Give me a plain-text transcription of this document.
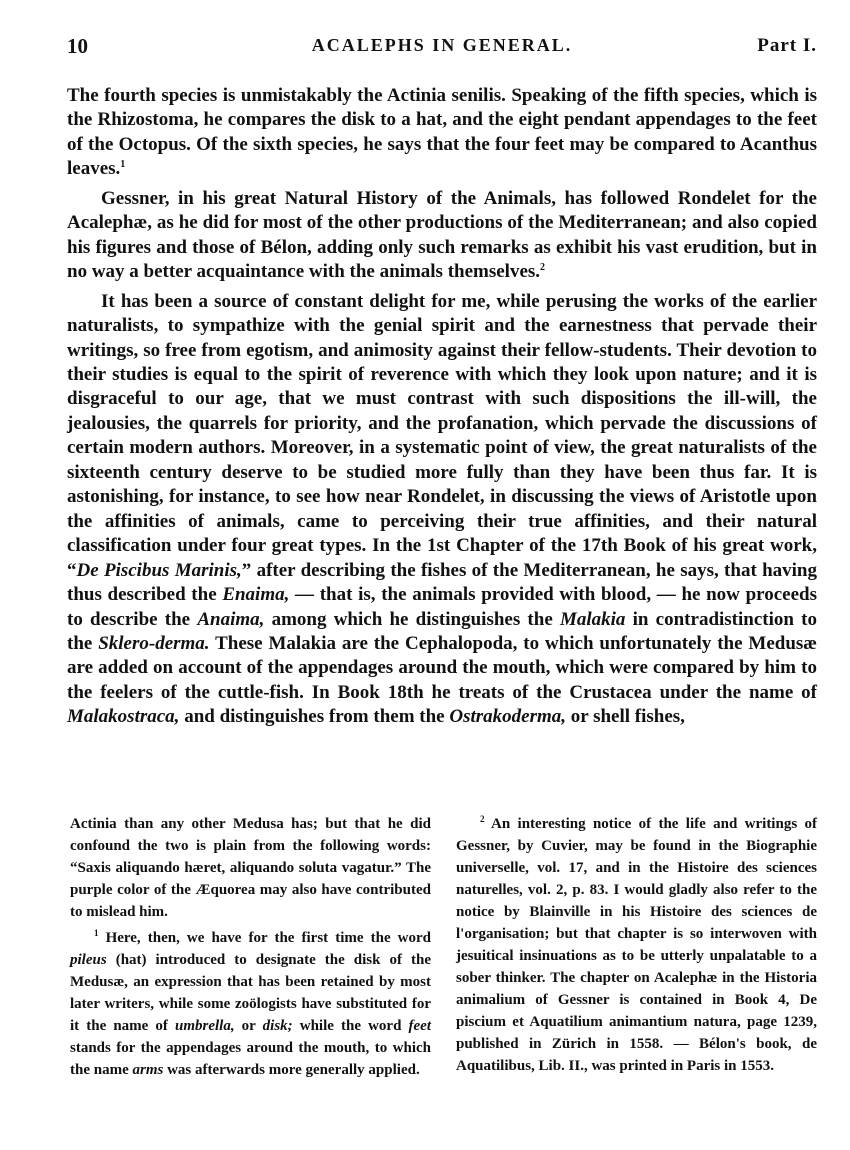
10	ACALEPHS IN GENERAL.	Part I.

The fourth species is unmistakably the Actinia senilis. Speaking of the fifth species, which is the Rhizostoma, he compares the disk to a hat, and the eight pendant appendages to the feet of the Octopus. Of the sixth species, he says that the four feet may be compared to Acanthus leaves.$^1$

Gessner, in his great Natural History of the Animals, has followed Rondelet for the Acalephæ, as he did for most of the other productions of the Mediterranean; and also copied his figures and those of Bélon, adding only such remarks as exhibit his vast erudition, but in no way a better acquaintance with the animals themselves.$^2$

It has been a source of constant delight for me, while perusing the works of the earlier naturalists, to sympathize with the genial spirit and the earnestness that pervade their writings, so free from egotism, and animosity against their fellow-students. Their devotion to their studies is equal to the spirit of reverence with which they look upon nature; and it is disgraceful to our age, that we must contrast with such dispositions the ill-will, the jealousies, the quarrels for priority, and the profanation, which pervade the discussions of certain modern authors. Moreover, in a systematic point of view, the great naturalists of the sixteenth century deserve to be studied more fully than they have been thus far. It is astonishing, for instance, to see how near Rondelet, in discussing the views of Aristotle upon the affinities of animals, came to perceiving their true affinities, and their natural classification under four great types. In the 1st Chapter of the 17th Book of his great work, “De Piscibus Marinis,” after describing the fishes of the Mediterranean, he says, that having thus described the Enaima, — that is, the animals provided with blood, — he now proceeds to describe the Anaima, among which he distinguishes the Malakia in contradistinction to the Sklero-derma. These Malakia are the Cephalopoda, to which unfortunately the Medusæ are added on account of the appendages around the mouth, which were compared by him to the feelers of the cuttle-fish. In Book 18th he treats of the Crustacea under the name of Malakostraca, and distinguishes from them the Ostrakoderma, or shell fishes,

Actinia than any other Medusa has; but that he did confound the two is plain from the following words: “Saxis aliquando hæret, aliquando soluta vagatur.” The purple color of the Æquorea may also have contributed to mislead him.

$^1$ Here, then, we have for the first time the word pileus (hat) introduced to designate the disk of the Medusæ, an expression that has been retained by most later writers, while some zoölogists have substituted for it the name of umbrella, or disk; while the word feet stands for the appendages around the mouth, to which the name arms was afterwards more generally applied.

$^2$ An interesting notice of the life and writings of Gessner, by Cuvier, may be found in the Biographie universelle, vol. 17, and in the Histoire des sciences naturelles, vol. 2, p. 83. I would gladly also refer to the notice by Blainville in his Histoire des sciences de l'organisation; but that chapter is so interwoven with jesuitical insinuations as to be utterly unpalatable to a sober thinker. The chapter on Acalephæ in the Historia animalium of Gessner is contained in Book 4, De piscium et Aquatilium animantium natura, page 1239, published in Zürich in 1558. — Bélon's book, de Aquatilibus, Lib. II., was printed in Paris in 1553.
